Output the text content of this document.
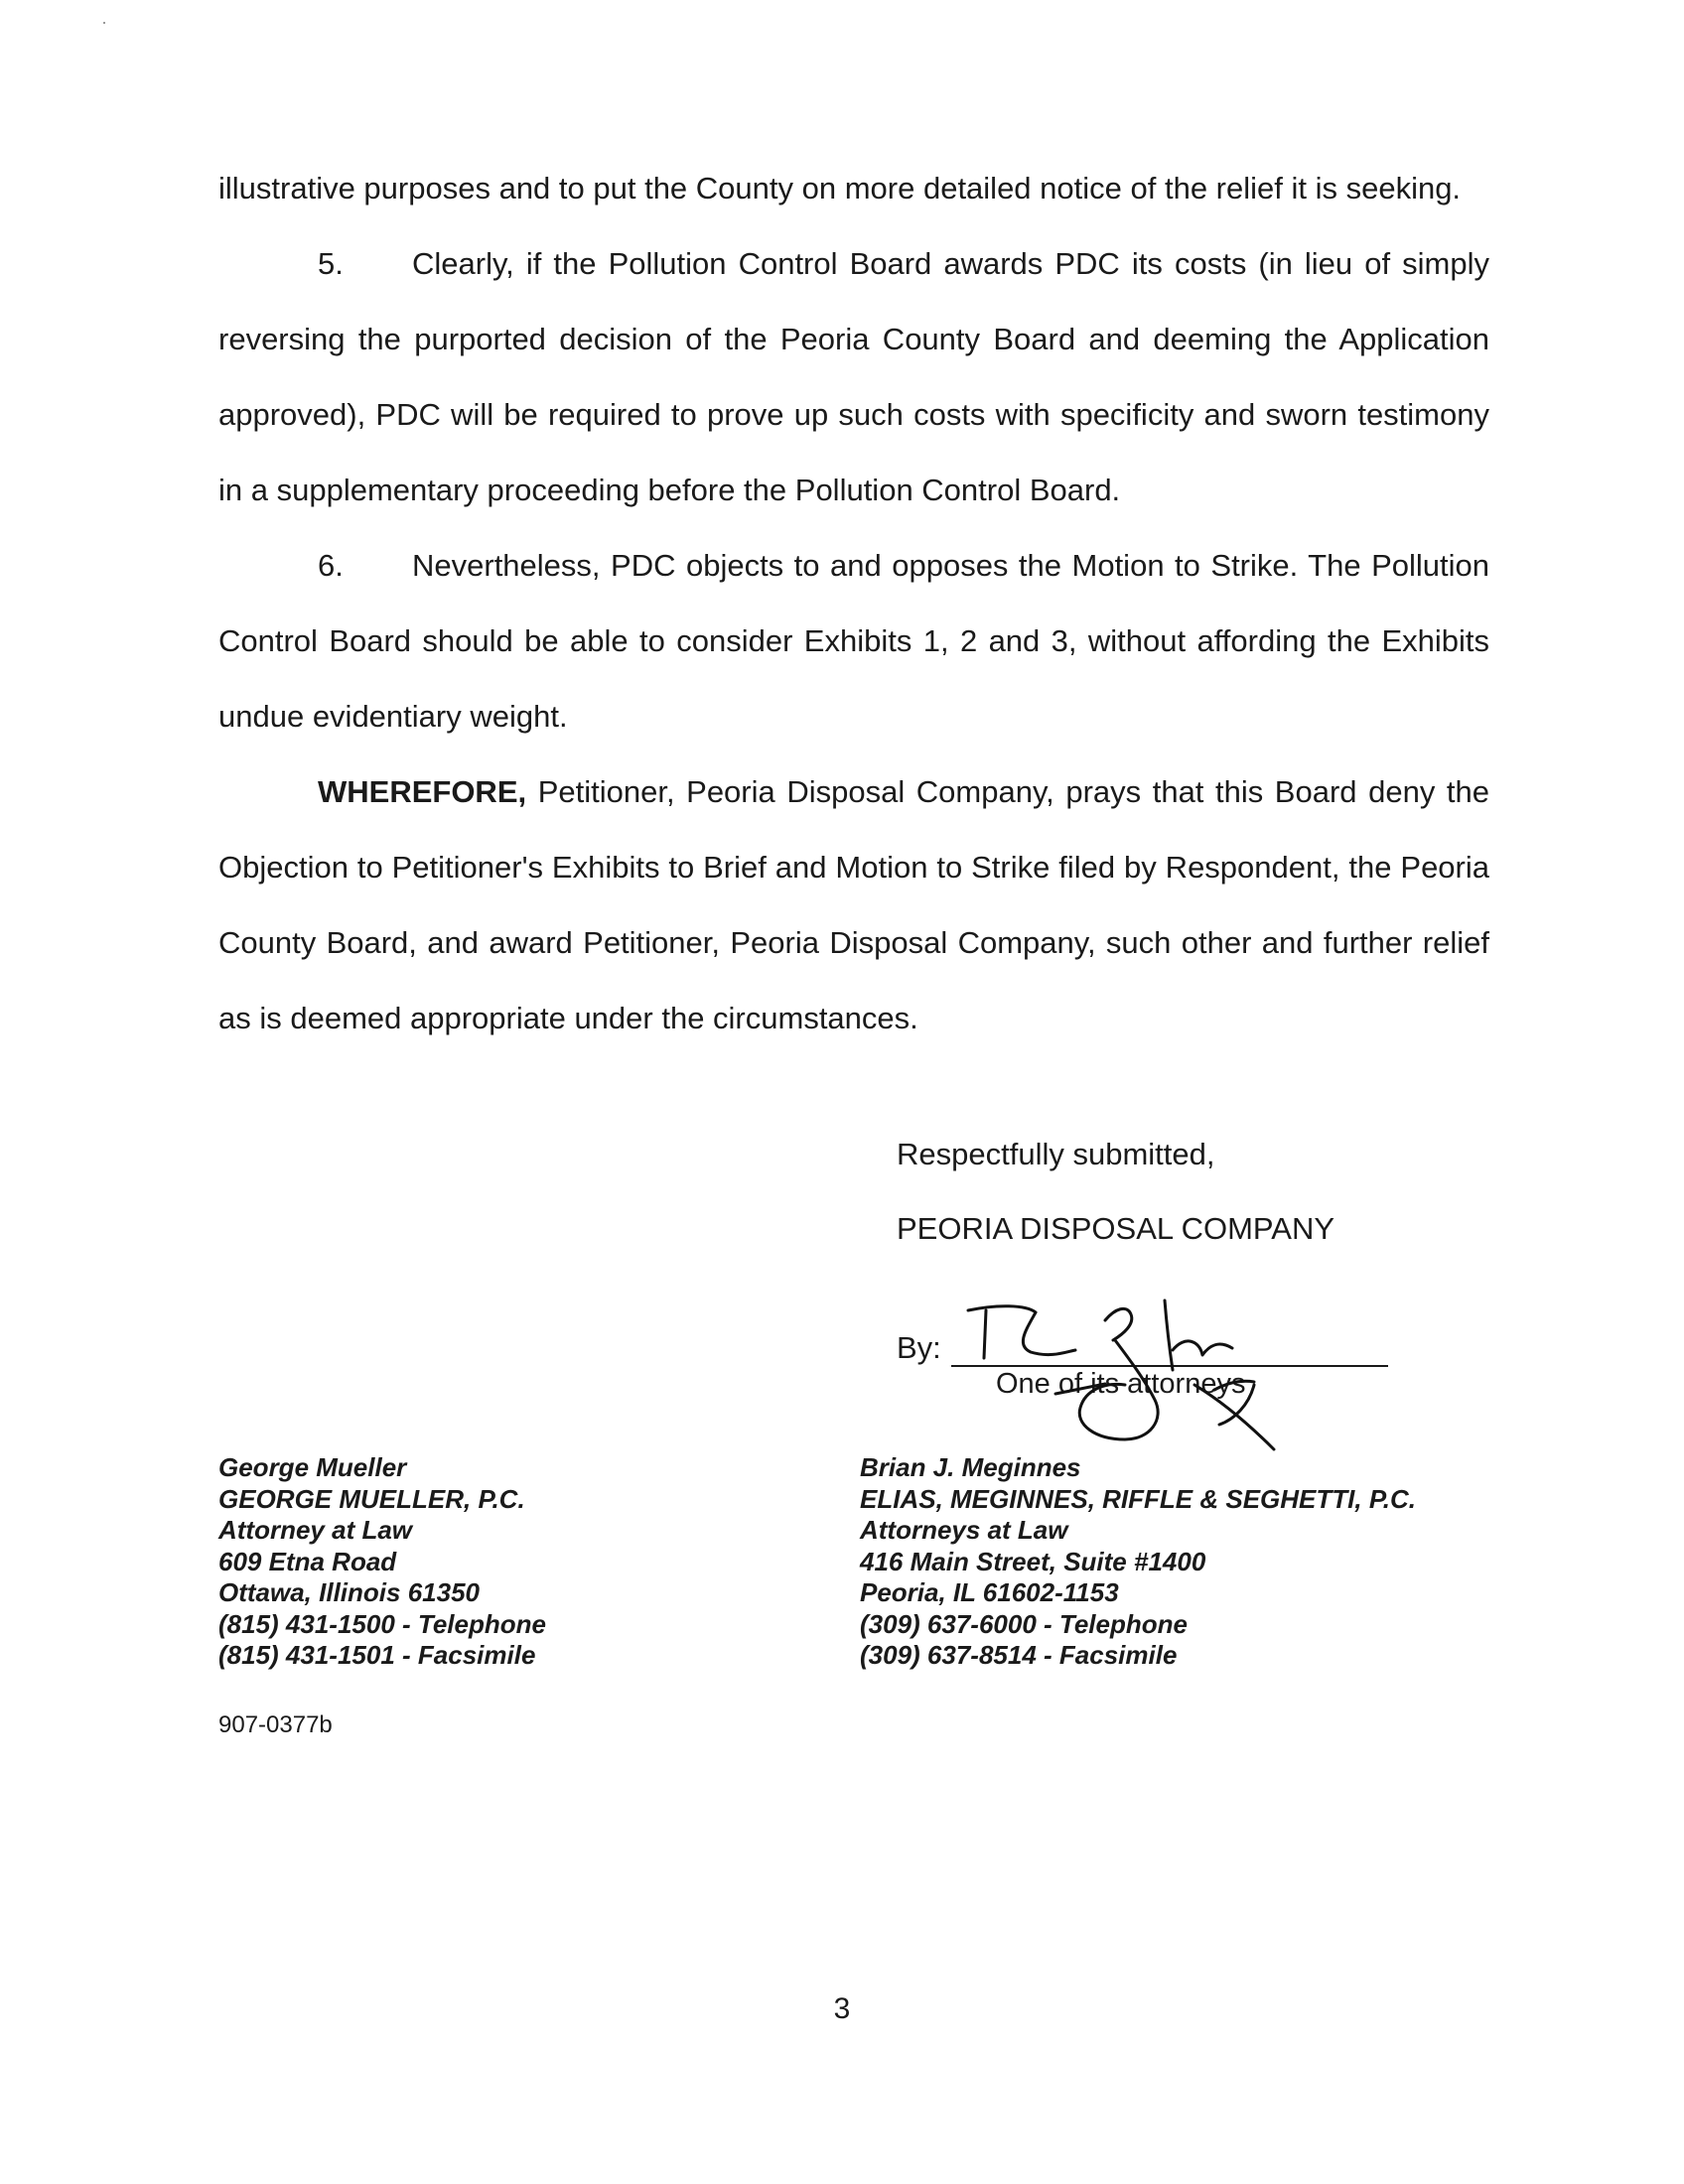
illustrative purposes and to put the County on more detailed notice of the relief it is seeking.

5. Clearly, if the Pollution Control Board awards PDC its costs (in lieu of simply reversing the purported decision of the Peoria County Board and deeming the Application approved), PDC will be required to prove up such costs with specificity and sworn testimony in a supplementary proceeding before the Pollution Control Board.

6. Nevertheless, PDC objects to and opposes the Motion to Strike. The Pollution Control Board should be able to consider Exhibits 1, 2 and 3, without affording the Exhibits undue evidentiary weight.

WHEREFORE, Petitioner, Peoria Disposal Company, prays that this Board deny the Objection to Petitioner's Exhibits to Brief and Motion to Strike filed by Respondent, the Peoria County Board, and award Petitioner, Peoria Disposal Company, such other and further relief as is deemed appropriate under the circumstances.

Respectfully submitted,
PEORIA DISPOSAL COMPANY
By:
One of its attorneys
George Mueller
GEORGE MUELLER, P.C.
Attorney at Law
609 Etna Road
Ottawa, Illinois 61350
(815) 431-1500 - Telephone
(815) 431-1501 - Facsimile
Brian J. Meginnes
ELIAS, MEGINNES, RIFFLE & SEGHETTI, P.C.
Attorneys at Law
416 Main Street, Suite #1400
Peoria, IL 61602-1153
(309) 637-6000 - Telephone
(309) 637-8514 - Facsimile
907-0377b
3
